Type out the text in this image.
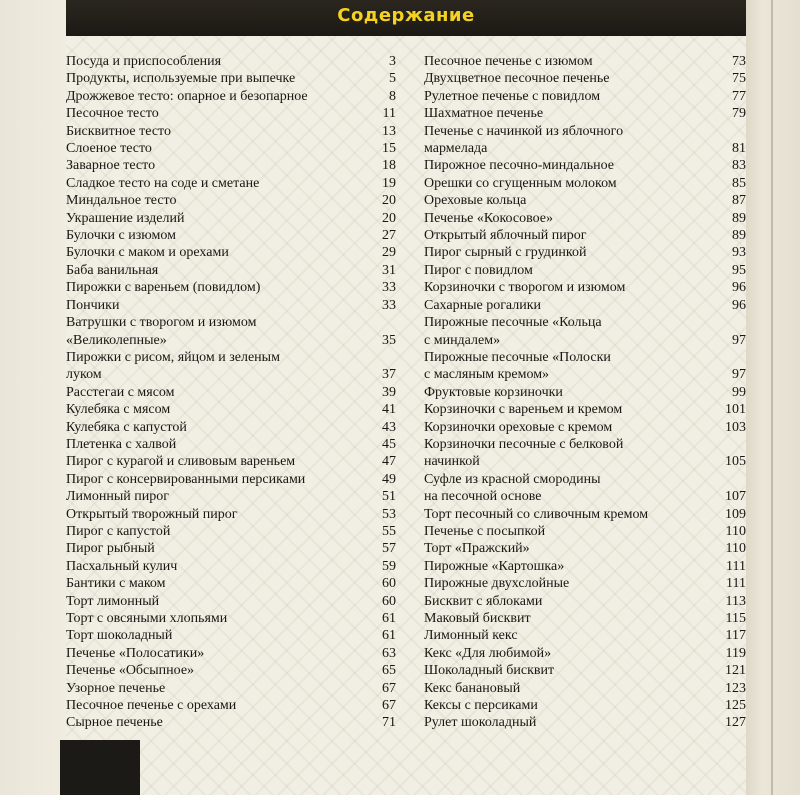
Содержание
Посуда и приспособления	3
Продукты, используемые при выпечке	5
Дрожжевое тесто: опарное и безопарное	8
Песочное тесто	11
Бисквитное тесто	13
Слоеное тесто	15
Заварное тесто	18
Сладкое тесто на соде и сметане	19
Миндальное тесто	20
Украшение изделий	20
Булочки с изюмом	27
Булочки с маком и орехами	29
Баба ванильная	31
Пирожки с вареньем (повидлом)	33
Пончики	33
Ватрушки с творогом и изюмом
«Великолепные»	35
Пирожки с рисом, яйцом и зеленым
луком	37
Расстегаи с мясом	39
Кулебяка с мясом	41
Кулебяка с капустой	43
Плетенка с халвой	45
Пирог с курагой и сливовым вареньем	47
Пирог с консервированными персиками	49
Лимонный пирог	51
Открытый творожный пирог	53
Пирог с капустой	55
Пирог рыбный	57
Пасхальный кулич	59
Бантики с маком	60
Торт лимонный	60
Торт с овсяными хлопьями	61
Торт шоколадный	61
Печенье «Полосатики»	63
Печенье «Обсыпное»	65
Узорное печенье	67
Песочное печенье с орехами	67
Сырное печенье	71
Песочное печенье с изюмом	73
Двухцветное песочное печенье	75
Рулетное печенье с повидлом	77
Шахматное печенье	79
Печенье с начинкой из яблочного
мармелада	81
Пирожное песочно-миндальное	83
Орешки со сгущенным молоком	85
Ореховые кольца	87
Печенье «Кокосовое»	89
Открытый яблочный пирог	89
Пирог сырный с грудинкой	93
Пирог с повидлом	95
Корзиночки с творогом и изюмом	96
Сахарные рогалики	96
Пирожные песочные «Кольца
с миндалем»	97
Пирожные песочные «Полоски
с масляным кремом»	97
Фруктовые корзиночки	99
Корзиночки с вареньем и кремом	101
Корзиночки ореховые с кремом	103
Корзиночки песочные с белковой
начинкой	105
Суфле из красной смородины
на песочной основе	107
Торт песочный со сливочным кремом	109
Печенье с посыпкой	110
Торт «Пражский»	110
Пирожные «Картошка»	111
Пирожные двухслойные	111
Бисквит с яблоками	113
Маковый бисквит	115
Лимонный кекс	117
Кекс «Для любимой»	119
Шоколадный бисквит	121
Кекс банановый	123
Кексы с персиками	125
Рулет шоколадный	127
